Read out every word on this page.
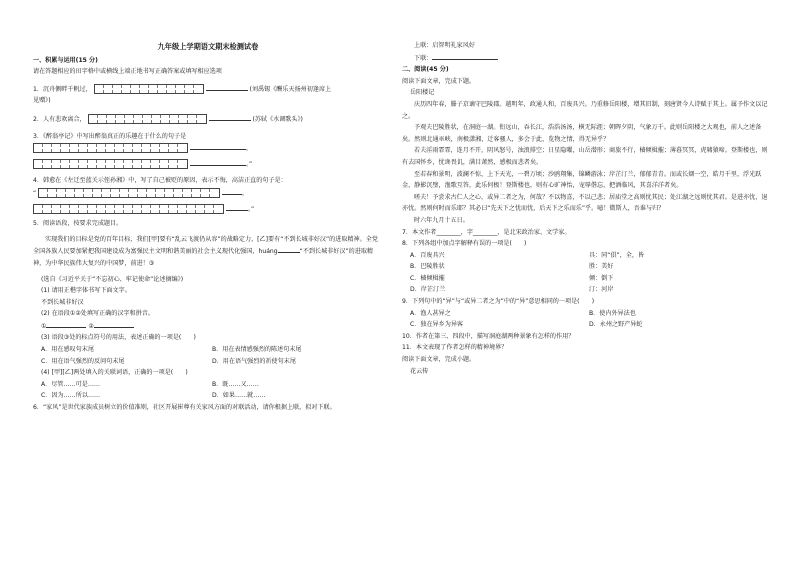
九年级上学期语文期末检测试卷
一、积累与运用(15 分)
请在答题相应的田字格中或横线上端正地书写正确答案或填写相应选项
1．沉舟侧畔千帆过，	(刘禹锡《酬乐天扬州初逢席上
见赠》)
2．人有悲欢离合，	(苏轼《水调歌头》)
3．《醉翁亭记》中写出醉翁真正的乐趣在于什么的句子是
，
。”
4．韩愈在《左迁至蓝关示侄孙湘》中，写了自己被贬的原因，表示不悔，高洁正直的句子是：
“	，
。”
5．阅读语段，按要求完成题目。
实现我们的目标是党的百年目标，我们[甲]要有“乱云飞渡仍从容”的战略定力，[乙]要有“不到长城非好汉”的进取精神。全党全国各族人民要加紧把我国建设成为富强民主文明和谐美丽的社会主义现代化强国，huáng	“不到长城非好汉”的进取精神，为中华民族伟大复兴的中国梦，前进！③
(选自《习近平关于“不忘初心、牢记使命”论述摘编》)
(1) 请用正楷字体书写下面文字。
不到长城非好汉
(2) 在语段①②处填写正确的汉字和拼音。
①	②
(3) 语段③处的标点符号的用法，表述正确的一项是(　　)
A．用在感叹句末尾	B．用在表情感强烈的陈述句末尾
C．用在语气强烈的反问句末尾	D．用在语气强烈的祈使句末尾
(4) [甲][乙]两处填入的关联词语，正确的一项是(　　)
A．尽管……可是……	B．既……又……
C．因为……所以……	D．如果……就……
6．“家风”是世代家族成员树立的价值准则，社区开展崔尊有关家风方面的对联活动，请你根据上联，拟对下联。
上联：启智明礼家风好
下联：
二、阅读(45 分)
阅读下面文章，完成下题。
岳阳楼记
庆历四年春，滕子京谪守巴陵郡。越明年，政通人和，百废具兴。乃重修岳阳楼，增其旧制，刻唐贤今人诗赋于其上。属予作文以记之。
予观夫巴陵胜状，在洞庭一湖。衔远山，吞长江，浩浩汤汤，横无际涯；朝晖夕阴，气象万千。此则岳阳楼之大观也，前人之述备矣。然则北通巫峡，南极潇湘，迁客骚人，多会于此，览物之情，得无异乎？
若夫淫雨霏霏，连月不开，阴风怒号，浊浪排空；日星隐曜，山岳潜形；商旅不行，樯倾楫摧；薄暮冥冥，虎啸猿啼。登斯楼也，则有去国怀乡，忧谗畏讥，满目萧然，感极而悲者矣。
至若春和景明，波澜不惊，上下天光，一碧万顷；沙鸥翔集，锦鳞游泳；岸芷汀兰，郁郁青青。而或长烟一空，皓月千里，浮光跃金，静影沉璧，渔歌互答，此乐何极！登斯楼也，则有心旷神怡，宠辱偕忘，把酒临风，其喜洋洋者矣。
嗟夫！予尝求古仁人之心，或异二者之为，何哉？不以物喜，不以己悲；居庙堂之高则忧其民；处江湖之远则忧其君。是进亦忧，退亦忧。然则何时而乐耶？其必曰“先天下之忧而忧，后天下之乐而乐”乎。噫！微斯人，吾谁与归？
时六年九月十五日。
7．本文作者________，字________，是北宋政治家、文学家。
8．下列各组中加点字解释有误的一项是(　　)
A．百废具兴	具：同“俱”，全，皆
B．巴陵胜状	胜：美好
C．樯倾楫摧	倾：倒下
D．岸芷汀兰	汀：河岸
9．下列句中的“异”与“或异二者之为”中的“异”意思相同的一项是(　　)
A．渔人甚异之	B．使内外异法也
C．独在异乡为异客	D．永州之野产异蛇
10．作者在第三、四段中，描写洞庭湖两种景象有怎样的作用？
11．本文表现了作者怎样的精神境界？
阅读下面文章，完成小题。
花云传
